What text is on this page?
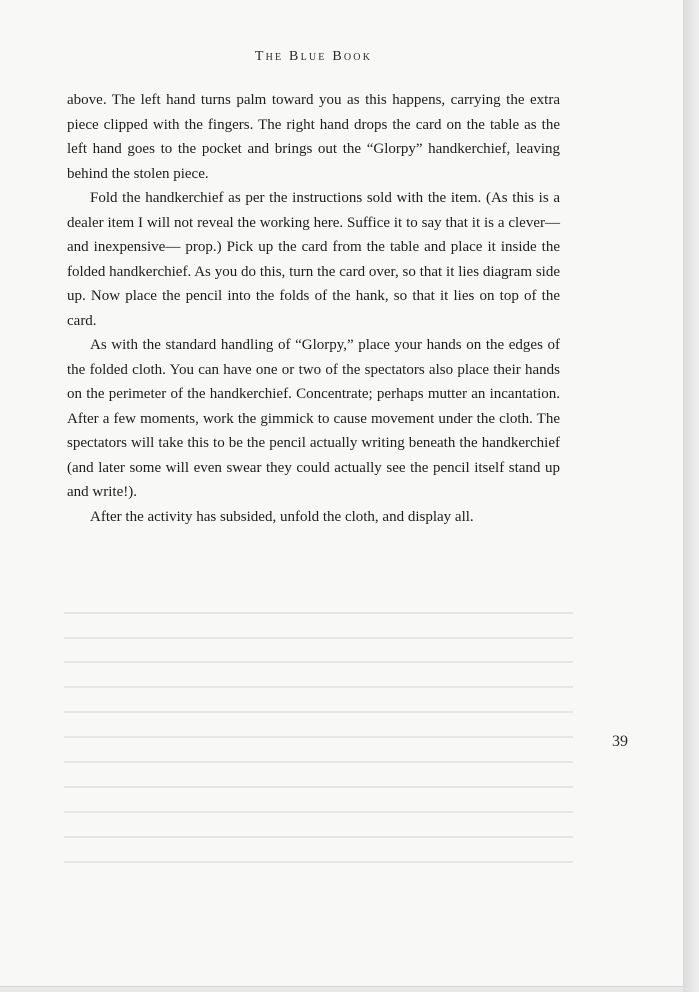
The Blue Book

above. The left hand turns palm toward you as this happens, carrying the extra piece clipped with the fingers. The right hand drops the card on the table as the left hand goes to the pocket and brings out the “Glorpy” handkerchief, leaving behind the stolen piece.

Fold the handkerchief as per the instructions sold with the item. (As this is a dealer item I will not reveal the working here. Suffice it to say that it is a clever—and inexpensive— prop.) Pick up the card from the table and place it inside the folded handkerchief. As you do this, turn the card over, so that it lies diagram side up. Now place the pencil into the folds of the hank, so that it lies on top of the card.

As with the standard handling of “Glorpy,” place your hands on the edges of the folded cloth. You can have one or two of the spectators also place their hands on the perimeter of the handkerchief. Concentrate; perhaps mutter an incantation. After a few moments, work the gimmick to cause movement under the cloth. The spectators will take this to be the pencil actually writing beneath the handkerchief (and later some will even swear they could actually see the pencil itself stand up and write!).

After the activity has subsided, unfold the cloth, and display all.

39
